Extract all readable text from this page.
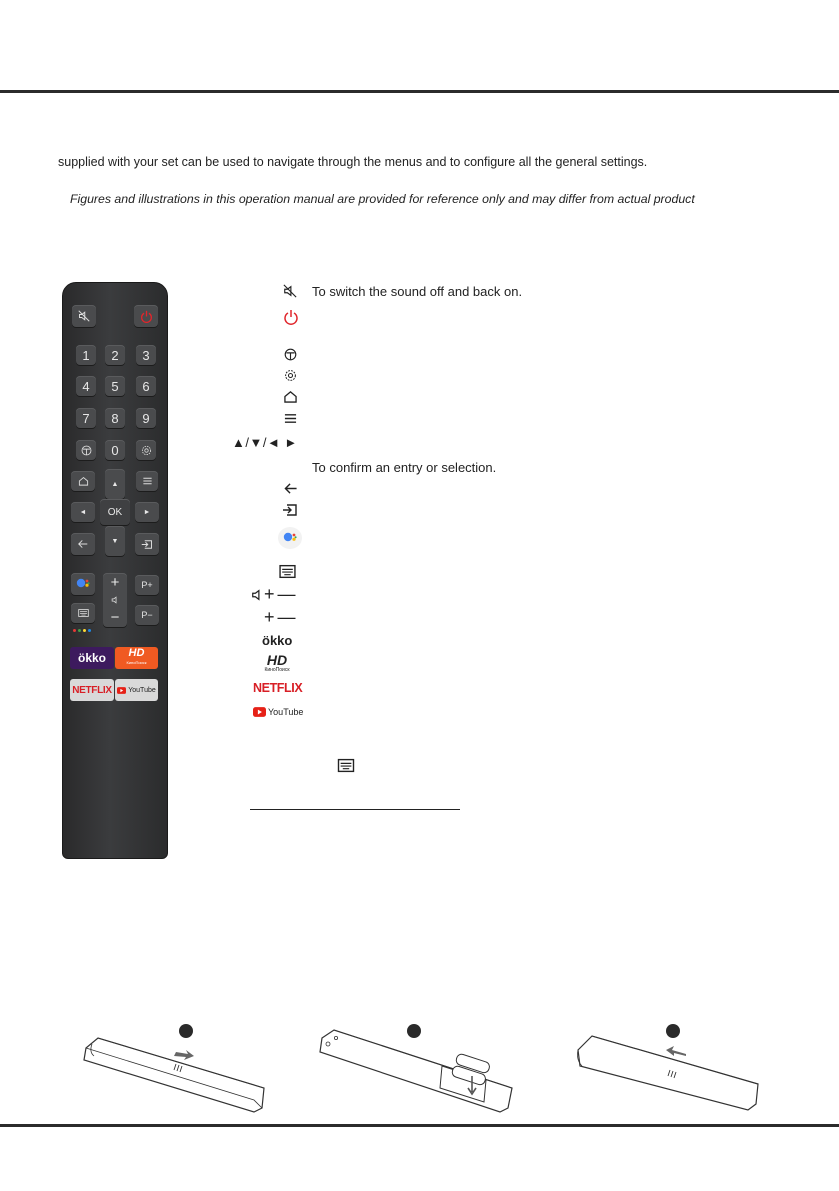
supplied with your set can be used to navigate through the menus and to configure all the general settings.
Figures and illustrations in this operation manual are provided for reference only and may differ from actual product
1	2	3
4	5	6
7	8	9
0
▲
◄	OK	►
▼
+
−
P+
P−
ökko	HD
КиноПоиск
NETFLIX	YouTube
To switch the sound off and back on.
▲/▼/◄ ►
To confirm an entry or selection.
+ —
+ —
ökko
HD
КиноПоиск
NETFLIX
YouTube
